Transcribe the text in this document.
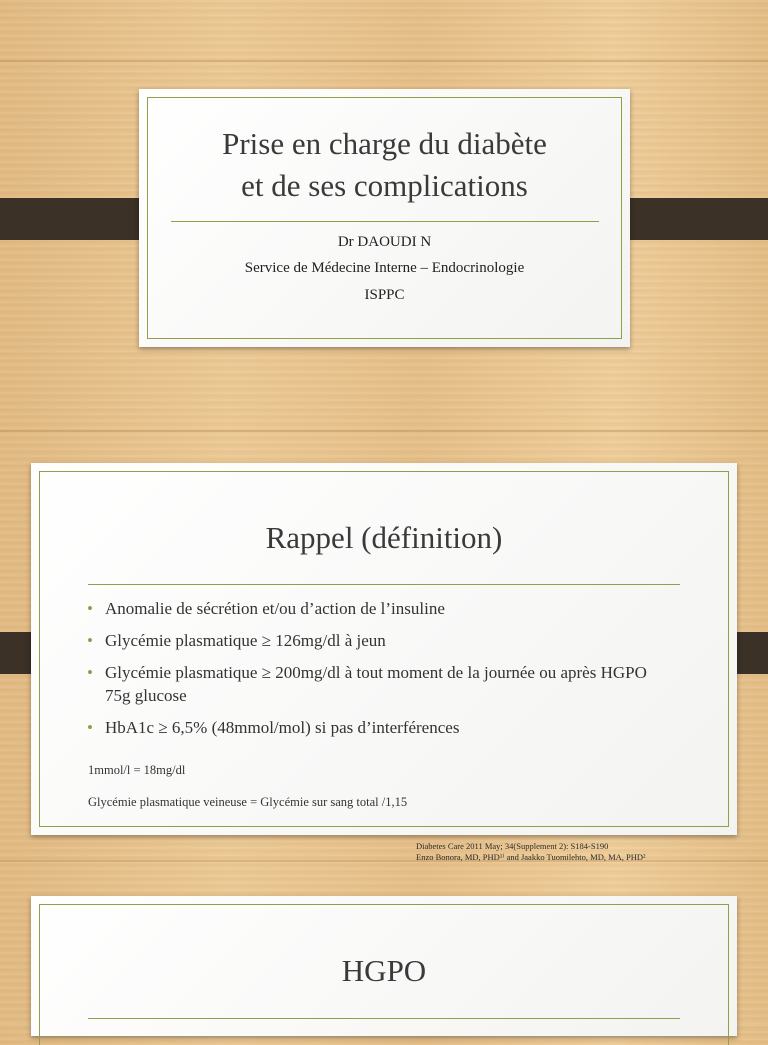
Prise en charge du diabète
et de ses complications
Dr DAOUDI N
Service de Médecine Interne – Endocrinologie
ISPPC
Rappel (définition)
• Anomalie de sécrétion et/ou d’action de l’insuline
• Glycémie plasmatique ≥ 126mg/dl à jeun
• Glycémie plasmatique ≥ 200mg/dl à tout moment de la journée ou après HGPO 75g glucose
• HbA1c ≥ 6,5% (48mmol/mol) si pas d’interférences
1mmol/l = 18mg/dl
Glycémie plasmatique veineuse = Glycémie sur sang total /1,15
Diabetes Care 2011 May; 34(Supplement 2): S184-S190
Enzo Bonora, MD, PHD¹⁾ and Jaakko Tuomilehto, MD, MA, PHD²
HGPO
